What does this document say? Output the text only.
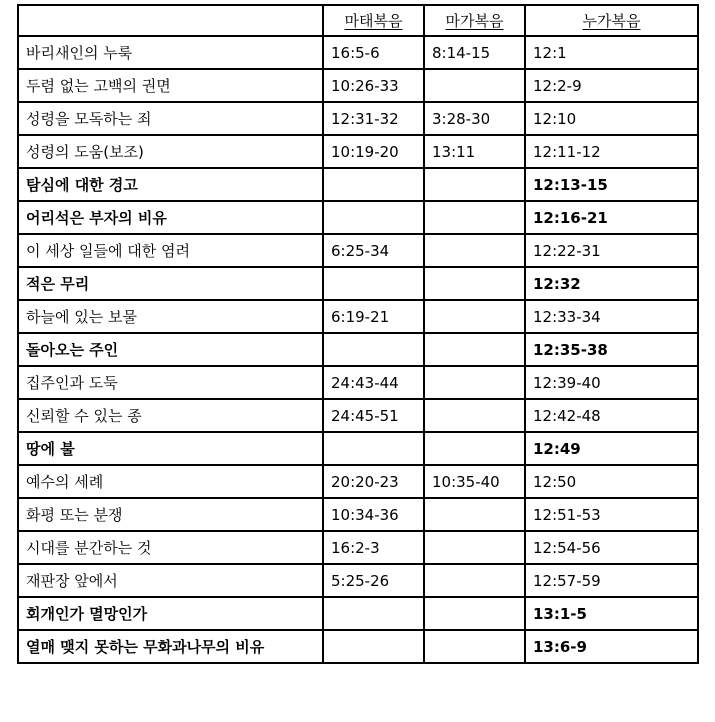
	마태복음	마가복음	누가복음
바리새인의 누룩	16:5-6	8:14-15	12:1
두렴 없는 고백의 권면	10:26-33		12:2-9
성령을 모독하는 죄	12:31-32	3:28-30	12:10
성령의 도움(보조)	10:19-20	13:11	12:11-12
탐심에 대한 경고			12:13-15
어리석은 부자의 비유			12:16-21
이 세상 일들에 대한 염려	6:25-34		12:22-31
적은 무리			12:32
하늘에 있는 보물	6:19-21		12:33-34
돌아오는 주인			12:35-38
집주인과 도둑	24:43-44		12:39-40
신뢰할 수 있는 종	24:45-51		12:42-48
땅에 불			12:49
예수의 세례	20:20-23	10:35-40	12:50
화평 또는 분쟁	10:34-36		12:51-53
시대를 분간하는 것	16:2-3		12:54-56
재판장 앞에서	5:25-26		12:57-59
회개인가 멸망인가			13:1-5
열매 맺지 못하는 무화과나무의 비유			13:6-9
